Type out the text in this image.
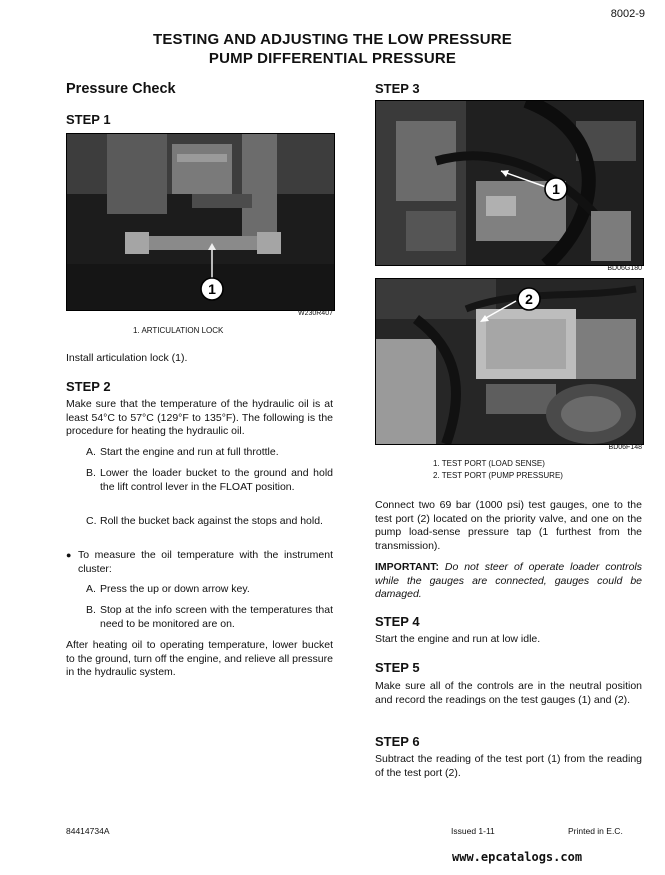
8002-9
TESTING AND ADJUSTING THE LOW PRESSURE
PUMP DIFFERENTIAL PRESSURE
Pressure Check
STEP 1
1
W230R407
1. ARTICULATION LOCK
Install articulation lock (1).
STEP 2
Make sure that the temperature of the hydraulic oil is at least 54°C to 57°C (129°F to 135°F). The following is the procedure for heating the hydraulic oil.
A. Start the engine and run at full throttle.
B. Lower the loader bucket to the ground and hold the lift control lever in the FLOAT position.
C. Roll the bucket back against the stops and hold.
● To measure the oil temperature with the instrument cluster:
A. Press the up or down arrow key.
B. Stop at the info screen with the temperatures that need to be monitored are on.
After heating oil to operating temperature, lower bucket to the ground, turn off the engine, and relieve all pressure in the hydraulic system.
STEP 3
1
BD06G180
2
BD06F148
1. TEST PORT (LOAD SENSE)
2. TEST PORT (PUMP PRESSURE)
Connect two 69 bar (1000 psi) test gauges, one to the test port (2) located on the priority valve, and one on the pump load-sense pressure tap (1 furthest from the transmission).
IMPORTANT: Do not steer of operate loader controls while the gauges are connected, gauges could be damaged.
STEP 4
Start the engine and run at low idle.
STEP 5
Make sure all of the controls are in the neutral position and record the readings on the test gauges (1) and (2).
STEP 6
Subtract the reading of the test port (1) from the reading of the test port (2).
84414734A	Issued 1-11	Printed in E.C.
www.epcatalogs.com
